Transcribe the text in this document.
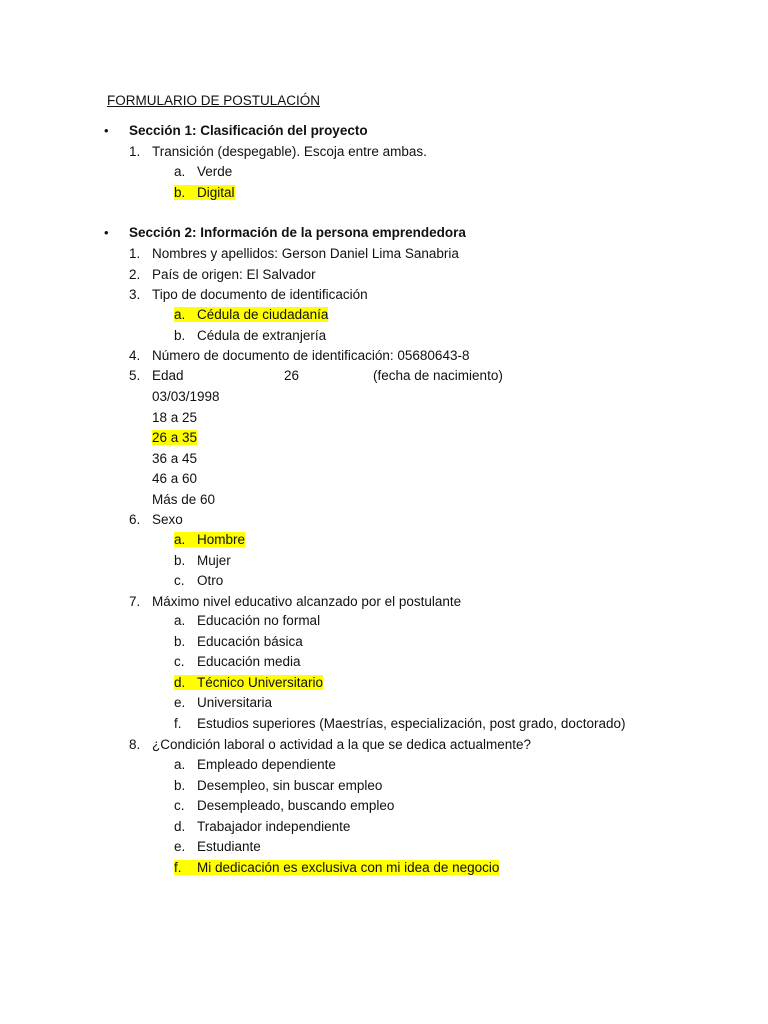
FORMULARIO DE POSTULACIÓN
• Sección 1: Clasificación del proyecto
1. Transición (despegable). Escoja entre ambas.
a. Verde
b. Digital
• Sección 2: Información de la persona emprendedora
1. Nombres y apellidos: Gerson Daniel Lima Sanabria
2. País de origen: El Salvador
3. Tipo de documento de identificación
a. Cédula de ciudadanía
b. Cédula de extranjería
4. Número de documento de identificación: 05680643-8
03/03/1998
18 a 25
26 a 35
36 a 45
46 a 60
Más de 60
6. Sexo
a. Hombre
b. Mujer
c. Otro
7. Máximo nivel educativo alcanzado por el postulante
a. Educación no formal
b. Educación básica
c. Educación media
d. Técnico Universitario
e. Universitaria
f. Estudios superiores (Maestrías, especialización, post grado, doctorado)
8. ¿Condición laboral o actividad a la que se dedica actualmente?
a. Empleado dependiente
b. Desempleo, sin buscar empleo
c. Desempleado, buscando empleo
d. Trabajador independiente
e. Estudiante
f. Mi dedicación es exclusiva con mi idea de negocio
5. Edad	26	(fecha de nacimiento)
